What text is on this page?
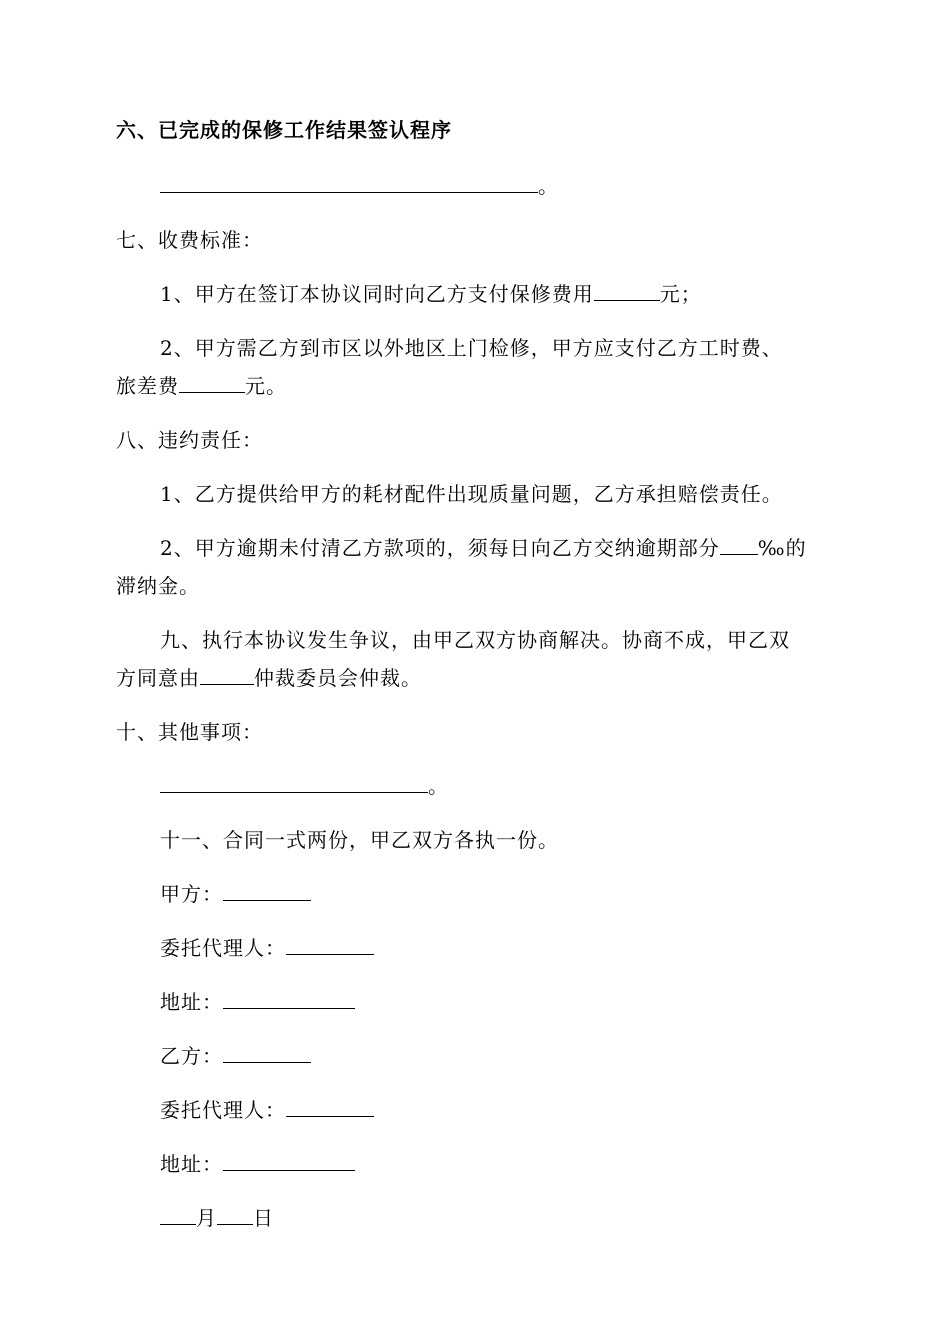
六、已完成的保修工作结果签认程序
。
七、收费标准：
1、甲方在签订本协议同时向乙方支付保修费用	元；
2、甲方需乙方到市区以外地区上门检修，甲方应支付乙方工时费、
旅差费	元。
八、违约责任：
1、乙方提供给甲方的耗材配件出现质量问题，乙方承担赔偿责任。
2、甲方逾期未付清乙方款项的，须每日向乙方交纳逾期部分 ‰的
滞纳金。
九、执行本协议发生争议，由甲乙双方协商解决。协商不成，甲乙双
方同意由	仲裁委员会仲裁。
十、其他事项：
。
十一、合同一式两份，甲乙双方各执一份。
甲方：
委托代理人：
地址：
乙方：
委托代理人：
地址：
月 日
